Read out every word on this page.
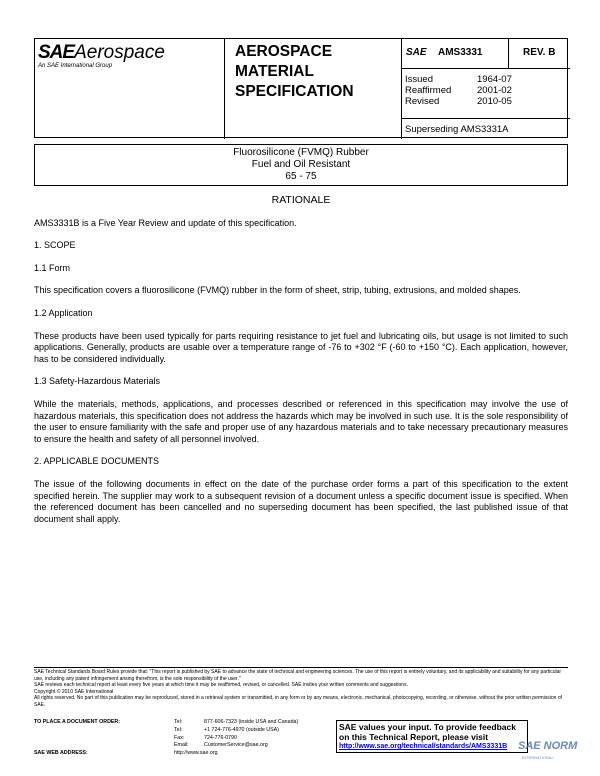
SAEAerospace
An SAE International Group
AEROSPACE
MATERIAL
SPECIFICATION
SAE AMS3331	REV. B
Issued	1964-07
Reaffirmed	2001-02
Revised	2010-05
Superseding AMS3331A
Fluorosilicone (FVMQ) Rubber
Fuel and Oil Resistant
65 - 75
RATIONALE

AMS3331B is a Five Year Review and update of this specification.

1. SCOPE
1.1 Form

This specification covers a fluorosilicone (FVMQ) rubber in the form of sheet, strip, tubing, extrusions, and molded shapes.

1.2 Application

These products have been used typically for parts requiring resistance to jet fuel and lubricating oils, but usage is not limited to such applications. Generally, products are usable over a temperature range of -76 to +302 °F (-60 to +150 °C). Each application, however, has to be considered individually.

1.3 Safety-Hazardous Materials

While the materials, methods, applications, and processes described or referenced in this specification may involve the use of hazardous materials, this specification does not address the hazards which may be involved in such use. It is the sole responsibility of the user to ensure familiarity with the safe and proper use of any hazardous materials and to take necessary precautionary measures to ensure the health and safety of all personnel involved.

2. APPLICABLE DOCUMENTS

The issue of the following documents in effect on the date of the purchase order forms a part of this specification to the extent specified herein. The supplier may work to a subsequent revision of a document unless a specific document issue is specified. When the referenced document has been cancelled and no superseding document has been specified, the last published issue of that document shall apply.

SAE Technical Standards Board Rules provide that: "This report is published by SAE to advance the state of technical and engineering sciences. The use of this report is entirely voluntary, and its applicability and suitability for any particular use, including any patent infringement arising therefrom, is the sole responsibility of the user."

SAE reviews each technical report at least every five years at which time it may be reaffirmed, revised, or cancelled. SAE invites your written comments and suggestions.

Copyright © 2010 SAE International

All rights reserved. No part of this publication may be reproduced, stored in a retrieval system or transmitted, in any form or by any means, electronic, mechanical, photocopying, recording, or otherwise, without the prior written permission of SAE.

TO PLACE A DOCUMENT ORDER:	Tel:	877-606-7323 (inside USA and Canada)
Tel:	+1 724-776-4970 (outside USA)
Fax:	724-776-0790
Email:	CustomerService@sae.org
SAE WEB ADDRESS:	http://www.sae.org
SAE values your input. To provide feedback
on this Technical Report, please visit
http://www.sae.org/technical/standards/AMS3331B SAE NORM
INTERNATIONAL
